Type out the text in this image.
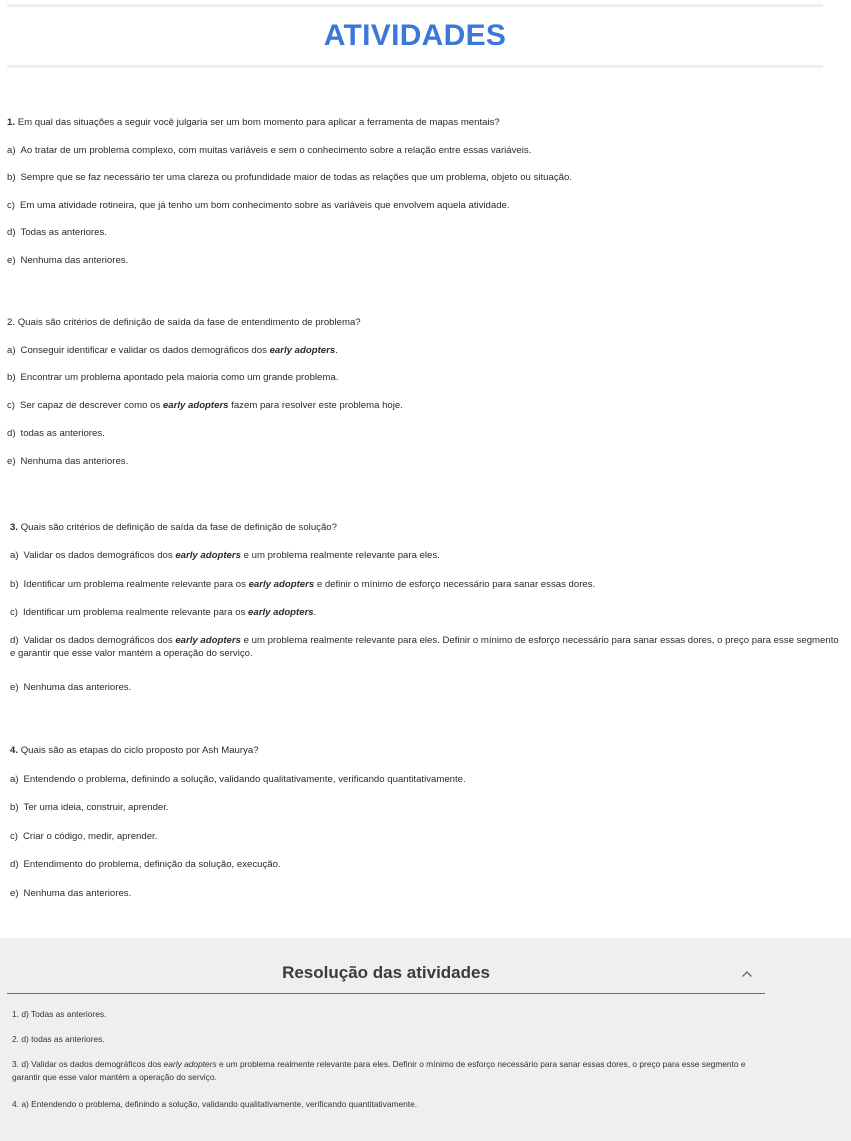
ATIVIDADES
1. Em qual das situações a seguir você julgaria ser um bom momento para aplicar a ferramenta de mapas mentais?
a) Ao tratar de um problema complexo, com muitas variáveis e sem o conhecimento sobre a relação entre essas variáveis.
b) Sempre que se faz necessário ter uma clareza ou profundidade maior de todas as relações que um problema, objeto ou situação.
c) Em uma atividade rotineira, que já tenho um bom conhecimento sobre as variáveis que envolvem aquela atividade.
d) Todas as anteriores.
e) Nenhuma das anteriores.
2. Quais são critérios de definição de saída da fase de entendimento de problema?
a) Conseguir identificar e validar os dados demográficos dos early adopters.
b) Encontrar um problema apontado pela maioria como um grande problema.
c) Ser capaz de descrever como os early adopters fazem para resolver este problema hoje.
d) todas as anteriores.
e) Nenhuma das anteriores.
3. Quais são critérios de definição de saída da fase de definição de solução?
a) Validar os dados demográficos dos early adopters e um problema realmente relevante para eles.
b) Identificar um problema realmente relevante para os early adopters e definir o mínimo de esforço necessário para sanar essas dores.
c) Identificar um problema realmente relevante para os early adopters.
d) Validar os dados demográficos dos early adopters e um problema realmente relevante para eles. Definir o mínimo de esforço necessário para sanar essas dores, o preço para esse segmento e garantir que esse valor mantém a operação do serviço.
e) Nenhuma das anteriores.
4. Quais são as etapas do ciclo proposto por Ash Maurya?
a) Entendendo o problema, definindo a solução, validando qualitativamente, verificando quantitativamente.
b) Ter uma ideia, construir, aprender.
c) Criar o código, medir, aprender.
d) Entendimento do problema, definição da solução, execução.
e) Nenhuma das anteriores.
Resolução das atividades
1. d) Todas as anteriores.
2. d) todas as anteriores.
3. d) Validar os dados demográficos dos early adopters e um problema realmente relevante para eles. Definir o mínimo de esforço necessário para sanar essas dores, o preço para esse segmento e garantir que esse valor mantém a operação do serviço.
4. a) Entendendo o problema, definindo a solução, validando qualitativamente, verificando quantitativamente.
